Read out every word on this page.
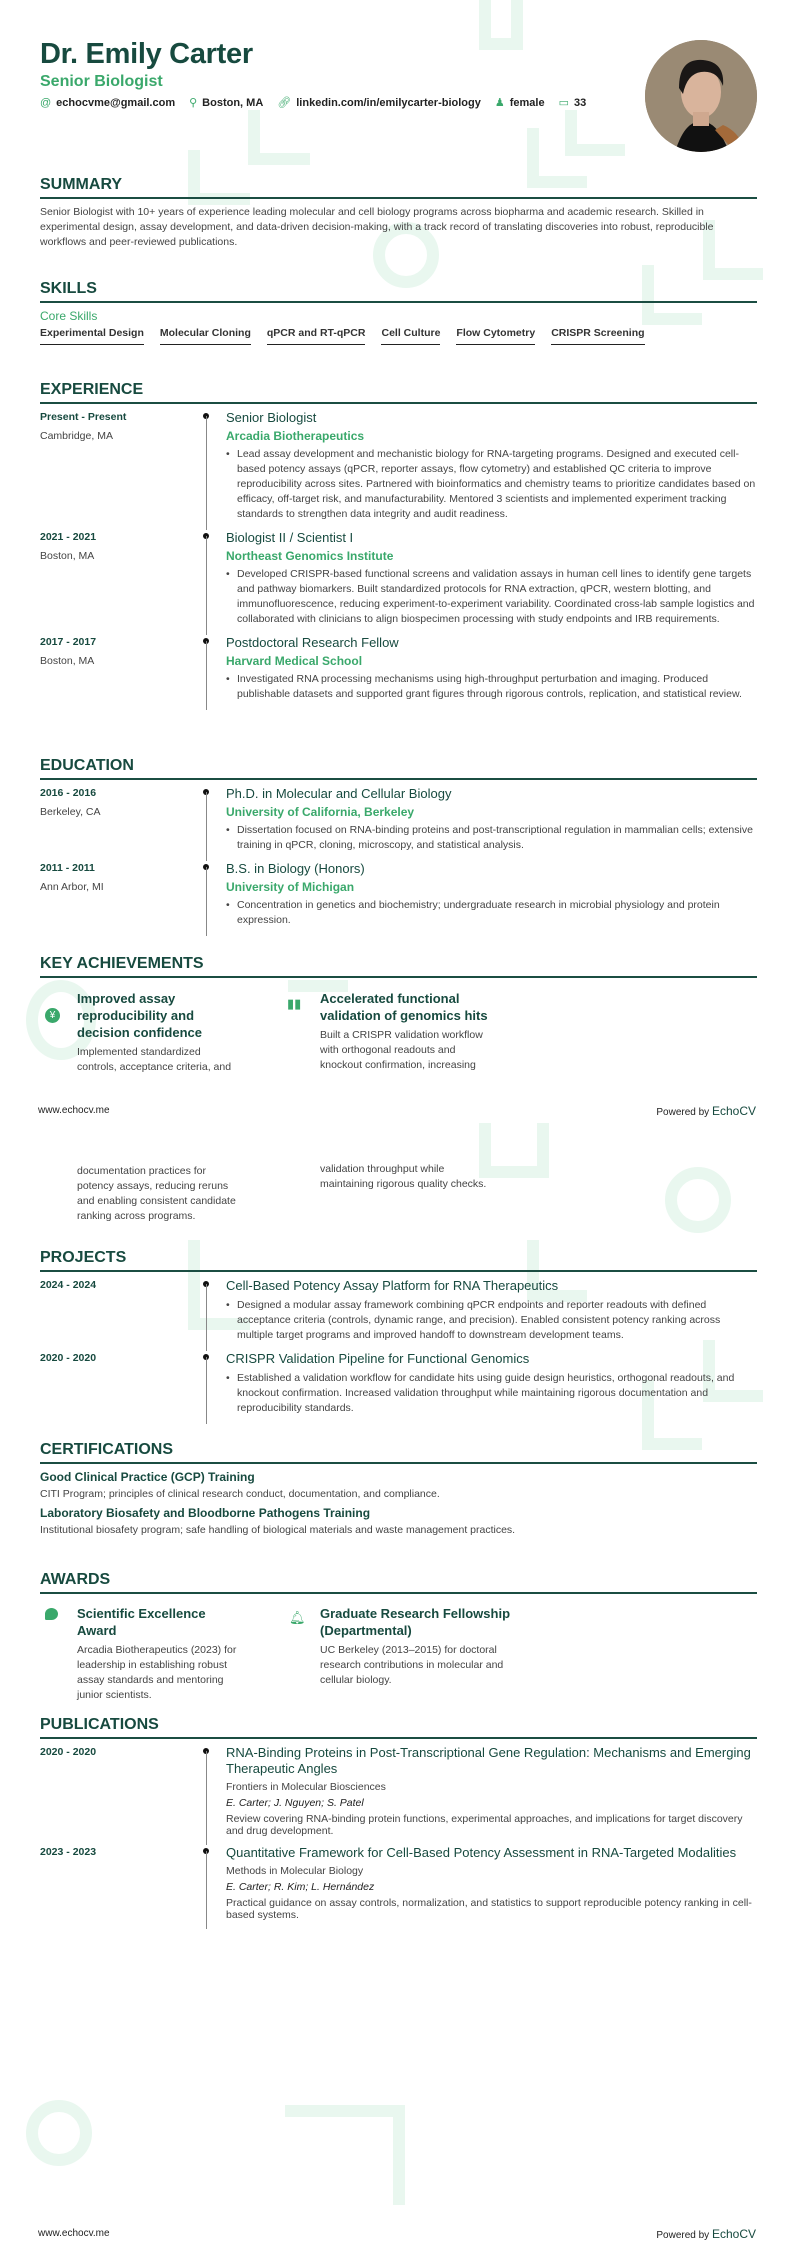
Dr. Emily Carter
Senior Biologist
@ echocvme@gmail.com ⚲ Boston, MA 🔗︎ linkedin.com/in/emilycarter-biology ♟ female ▭ 33
SUMMARY
Senior Biologist with 10+ years of experience leading molecular and cell biology programs across biopharma and academic research. Skilled in experimental design, assay development, and data-driven decision-making, with a track record of translating discoveries into robust, reproducible workflows and peer-reviewed publications.
SKILLS
Core Skills
Experimental Design Molecular Cloning qPCR and RT-qPCR Cell Culture Flow Cytometry CRISPR Screening
EXPERIENCE
Present - Present
Cambridge, MA
Senior Biologist
Arcadia Biotherapeutics
• Lead assay development and mechanistic biology for RNA-targeting programs. Designed and executed cell-based potency assays (qPCR, reporter assays, flow cytometry) and established QC criteria to improve reproducibility across sites. Partnered with bioinformatics and chemistry teams to prioritize candidates based on efficacy, off-target risk, and manufacturability. Mentored 3 scientists and implemented experiment tracking standards to strengthen data integrity and audit readiness.
2021 - 2021
Boston, MA
Biologist II / Scientist I
Northeast Genomics Institute
• Developed CRISPR-based functional screens and validation assays in human cell lines to identify gene targets and pathway biomarkers. Built standardized protocols for RNA extraction, qPCR, western blotting, and immunofluorescence, reducing experiment-to-experiment variability. Coordinated cross-lab sample logistics and collaborated with clinicians to align biospecimen processing with study endpoints and IRB requirements.
2017 - 2017
Boston, MA
Postdoctoral Research Fellow
Harvard Medical School
• Investigated RNA processing mechanisms using high-throughput perturbation and imaging. Produced publishable datasets and supported grant figures through rigorous controls, replication, and statistical review.
EDUCATION
2016 - 2016
Berkeley, CA
Ph.D. in Molecular and Cellular Biology
University of California, Berkeley
• Dissertation focused on RNA-binding proteins and post-transcriptional regulation in mammalian cells; extensive training in qPCR, cloning, microscopy, and statistical analysis.
2011 - 2011
Ann Arbor, MI
B.S. in Biology (Honors)
University of Michigan
• Concentration in genetics and biochemistry; undergraduate research in microbial physiology and protein expression.
KEY ACHIEVEMENTS
¥
Improved assay reproducibility and decision confidence
Implemented standardized controls, acceptance criteria, and
▮▮ Accelerated functional validation of genomics hits
Built a CRISPR validation workflow with orthogonal readouts and knockout confirmation, increasing
www.echocv.me	Powered by EchoCV
documentation practices for potency assays, reducing reruns and enabling consistent candidate ranking across programs.
validation throughput while maintaining rigorous quality checks.
PROJECTS
2024 - 2024	Cell-Based Potency Assay Platform for RNA Therapeutics
• Designed a modular assay framework combining qPCR endpoints and reporter readouts with defined acceptance criteria (controls, dynamic range, and precision). Enabled consistent potency ranking across multiple target programs and improved handoff to downstream development teams.
2020 - 2020	CRISPR Validation Pipeline for Functional Genomics
• Established a validation workflow for candidate hits using guide design heuristics, orthogonal readouts, and knockout confirmation. Increased validation throughput while maintaining rigorous documentation and reproducibility standards.
CERTIFICATIONS
Good Clinical Practice (GCP) Training
CITI Program; principles of clinical research conduct, documentation, and compliance.
Laboratory Biosafety and Bloodborne Pathogens Training
Institutional biosafety program; safe handling of biological materials and waste management practices.
AWARDS
Scientific Excellence Award
Arcadia Biotherapeutics (2023) for leadership in establishing robust assay standards and mentoring junior scientists.
🔔︎ Graduate Research Fellowship (Departmental)
UC Berkeley (2013–2015) for doctoral research contributions in molecular and cellular biology.
PUBLICATIONS
2020 - 2020	RNA-Binding Proteins in Post-Transcriptional Gene Regulation: Mechanisms and Emerging Therapeutic Angles
Frontiers in Molecular Biosciences
E. Carter; J. Nguyen; S. Patel
Review covering RNA-binding protein functions, experimental approaches, and implications for target discovery and drug development.
2023 - 2023	Quantitative Framework for Cell-Based Potency Assessment in RNA-Targeted Modalities
Methods in Molecular Biology
E. Carter; R. Kim; L. Hernández
Practical guidance on assay controls, normalization, and statistics to support reproducible potency ranking in cell-based systems.
www.echocv.me	Powered by EchoCV
